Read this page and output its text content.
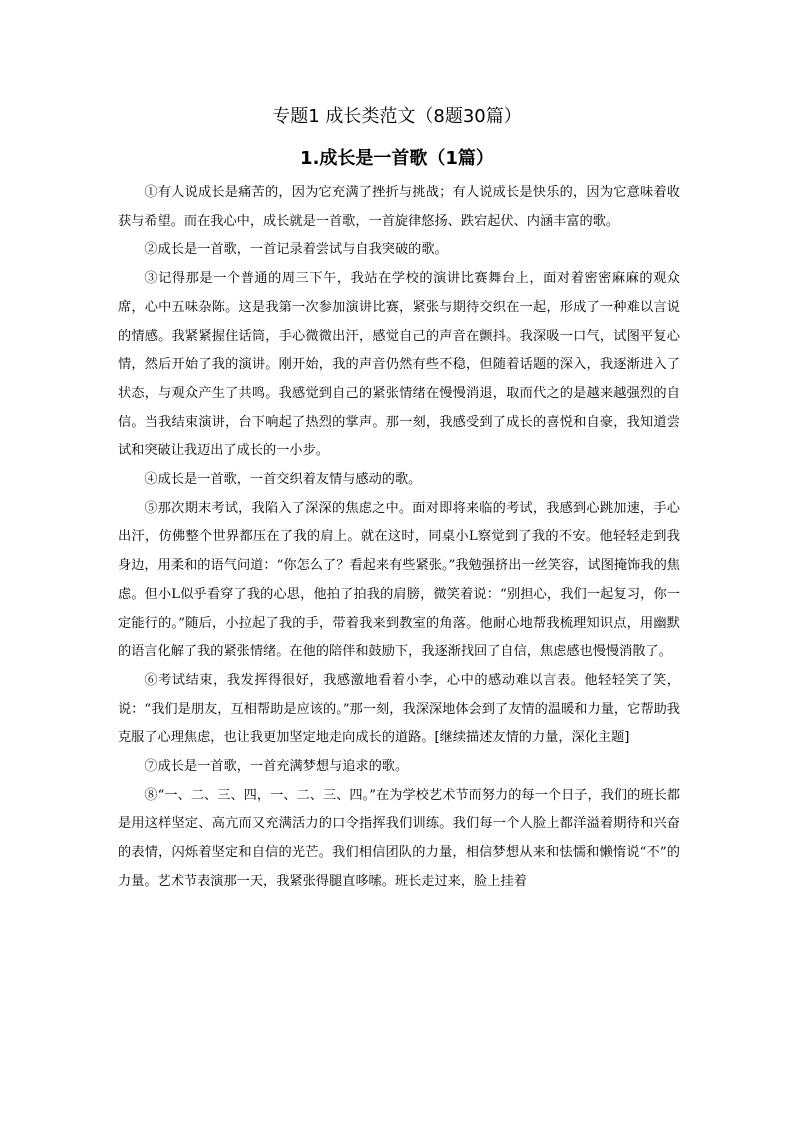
专题1 成长类范文（8题30篇）
1.成长是一首歌（1篇）

①有人说成长是痛苦的，因为它充满了挫折与挑战；有人说成长是快乐的，因为它意味着收获与希望。而在我心中，成长就是一首歌，一首旋律悠扬、跌宕起伏、内涵丰富的歌。

②成长是一首歌，一首记录着尝试与自我突破的歌。

③记得那是一个普通的周三下午，我站在学校的演讲比赛舞台上，面对着密密麻麻的观众席，心中五味杂陈。这是我第一次参加演讲比赛，紧张与期待交织在一起，形成了一种难以言说的情感。我紧紧握住话筒，手心微微出汗，感觉自己的声音在颤抖。我深吸一口气，试图平复心情，然后开始了我的演讲。刚开始，我的声音仍然有些不稳，但随着话题的深入，我逐渐进入了状态，与观众产生了共鸣。我感觉到自己的紧张情绪在慢慢消退，取而代之的是越来越强烈的自信。当我结束演讲，台下响起了热烈的掌声。那一刻，我感受到了成长的喜悦和自豪，我知道尝试和突破让我迈出了成长的一小步。

④成长是一首歌，一首交织着友情与感动的歌。

⑤那次期末考试，我陷入了深深的焦虑之中。面对即将来临的考试，我感到心跳加速，手心出汗，仿佛整个世界都压在了我的肩上。就在这时，同桌小L察觉到了我的不安。他轻轻走到我身边，用柔和的语气问道：“你怎么了？看起来有些紧张。”我勉强挤出一丝笑容，试图掩饰我的焦虑。但小L似乎看穿了我的心思，他拍了拍我的肩膀，微笑着说：“别担心，我们一起复习，你一定能行的。”随后，小拉起了我的手，带着我来到教室的角落。他耐心地帮我梳理知识点，用幽默的语言化解了我的紧张情绪。在他的陪伴和鼓励下，我逐渐找回了自信，焦虑感也慢慢消散了。

⑥考试结束，我发挥得很好，我感激地看着小李，心中的感动难以言表。他轻轻笑了笑，说：“我们是朋友，互相帮助是应该的。”那一刻，我深深地体会到了友情的温暖和力量，它帮助我克服了心理焦虑，也让我更加坚定地走向成长的道路。[继续描述友情的力量，深化主题]

⑦成长是一首歌，一首充满梦想与追求的歌。

⑧“一、二、三、四，一、二、三、四。”在为学校艺术节而努力的每一个日子，我们的班长都是用这样坚定、高亢而又充满活力的口令指挥我们训练。我们每一个人脸上都洋溢着期待和兴奋的表情，闪烁着坚定和自信的光芒。我们相信团队的力量，相信梦想从来和怯懦和懒惰说“不”的力量。艺术节表演那一天，我紧张得腿直哆嗦。班长走过来，脸上挂着
